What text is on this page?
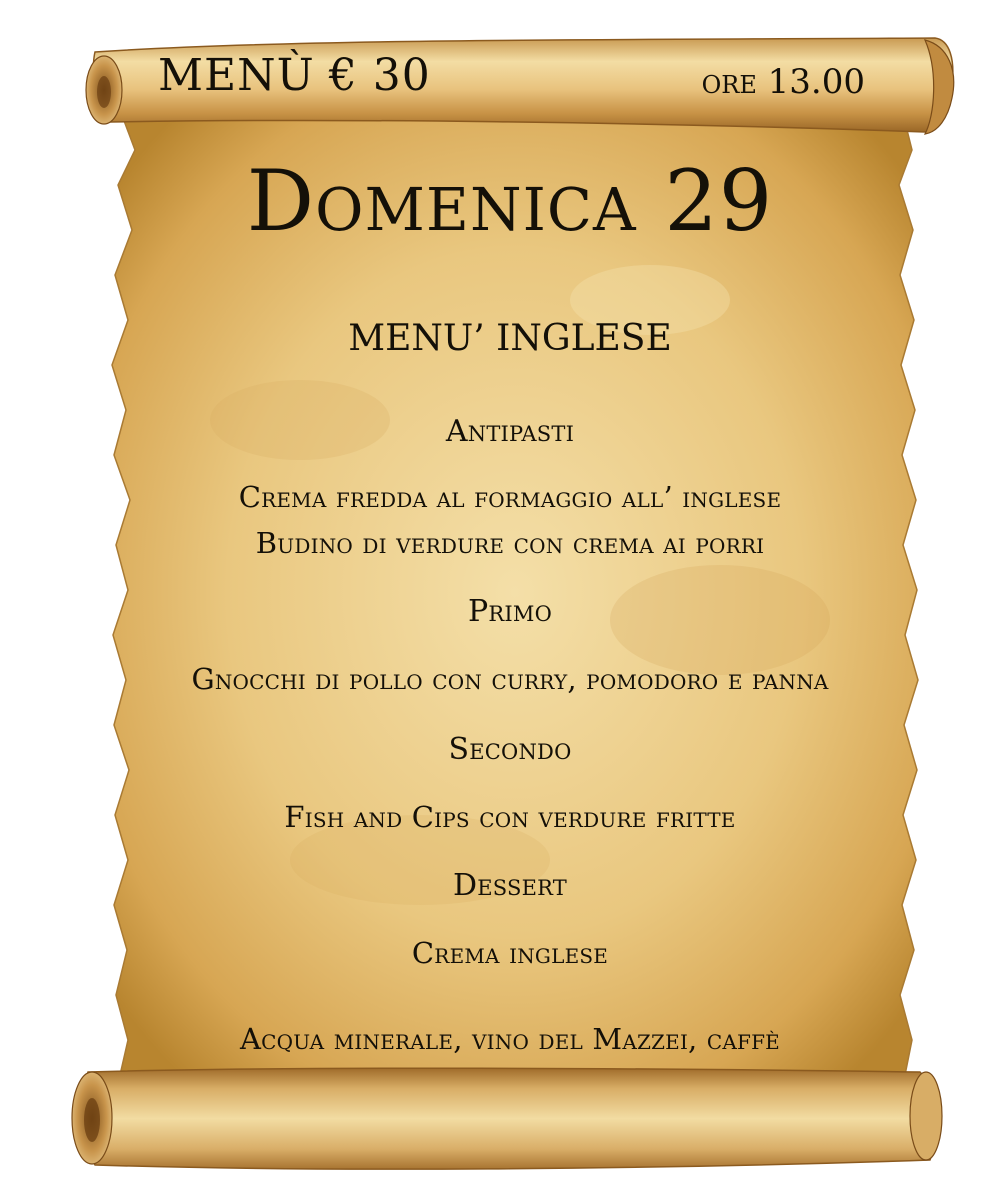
MENÙ € 30	ore 13.00
Domenica 29
MENU’ INGLESE
Antipasti
Crema fredda al formaggio all’ inglese
Budino di verdure con crema ai porri
Primo
Gnocchi di pollo con curry, pomodoro e panna
Secondo
Fish and Cips con verdure fritte
Dessert
Crema inglese
Acqua minerale, vino del Mazzei, caffè
